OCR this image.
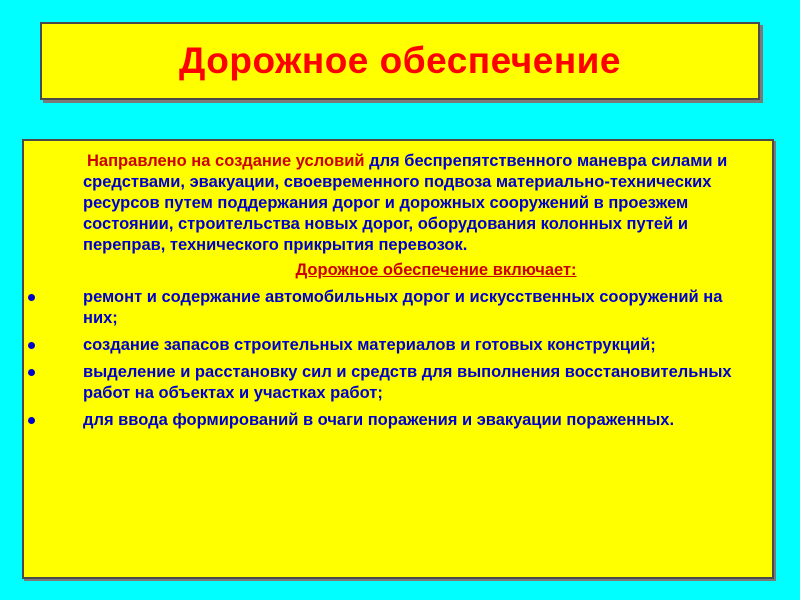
Дорожное обеспечение

Направлено на создание условий для беспрепятственного маневра силами и средствами, эвакуации, своевременного подвоза материально-технических ресурсов путем поддержания дорог и дорожных сооружений в проезжем состоянии, строительства новых дорог, оборудования колонных путей и переправ, технического прикрытия перевозок.

Дорожное обеспечение включает:
ремонт и содержание автомобильных дорог и искусственных сооружений на них;
создание запасов строительных материалов и готовых конструкций;
выделение и расстановку сил и средств для выполнения восстановительных работ на объектах и участках работ;
для ввода формирований в очаги поражения и эвакуации пораженных.
